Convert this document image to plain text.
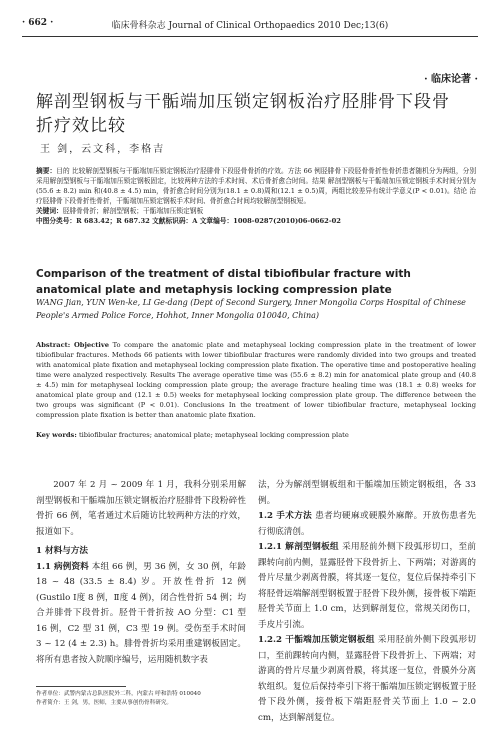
· 662 ·	临床骨科杂志 Journal of Clinical Orthopaedics 2010 Dec;13(6)
· 临床论著 ·
解剖型钢板与干骺端加压锁定钢板治疗胫腓骨下段骨折疗效比较
王 剑，云文科，李格吉
摘要：目的 比较解剖型钢板与干骺端加压锁定钢板治疗胫腓骨下段胫骨骨折的疗效。方法 66 例胫腓骨下段胫骨骨折性骨折患者随机分为两组，分别采用解剖型钢板与干骺端加压锁定钢板固定，比较两种方法的手术时间、术后骨折愈合时间。结果 解剖型钢板与干骺端加压锁定钢板手术时间分别为(55.6 ± 8.2) min 和(40.8 ± 4.5) min，骨折愈合时间分别为(18.1 ± 0.8)周和(12.1 ± 0.5)周，两组比较差异有统计学意义(P < 0.01)。结论 治疗胫腓骨下段骨折性骨折，干骺端加压锁定钢板手术时间、骨折愈合时间均较解剖型钢板短。
关键词：胫腓骨骨折；解剖型钢板；干骺端加压锁定钢板
中图分类号：R 683.42；R 687.32 文献标识码：A 文章编号：1008-0287(2010)06-0662-02
Comparison of the treatment of distal tibiofibular fracture with anatomical plate and metaphysis locking compression plate
WANG Jian, YUN Wen-ke, LI Ge-dang (Dept of Second Surgery, Inner Mongolia Corps Hospital of Chinese People's Armed Police Force, Hohhot, Inner Mongolia 010040, China)
Abstract: Objective To compare the anatomic plate and metaphyseal locking compression plate in the treatment of lower tibiofibular fractures. Methods 66 patients with lower tibiofibular fractures were randomly divided into two groups and treated with anatomical plate fixation and metaphyseal locking compression plate fixation. The operative time and postoperative healing time were analyzed respectively. Results The average operative time was (55.6 ± 8.2) min for anatomical plate group and (40.8 ± 4.5) min for metaphyseal locking compression plate group; the average fracture healing time was (18.1 ± 0.8) weeks for anatomical plate group and (12.1 ± 0.5) weeks for metaphyseal locking compression plate group. The difference between the two groups was significant (P < 0.01). Conclusions In the treatment of lower tibiofibular fracture, metaphyseal locking compression plate fixation is better than anatomic plate fixation.
Key words: tibiofibular fractures; anatomical plate; metaphyseal locking compression plate

2007 年 2 月 ~ 2009 年 1 月，我科分别采用解剖型钢板和干骺端加压锁定钢板治疗胫腓骨下段粉碎性骨折 66 例，笔者通过术后随访比较两种方法的疗效，报道如下。

1 材料与方法

1.1 病例资料 本组 66 例，男 36 例，女 30 例，年龄 18 ~ 48 (33.5 ± 8.4) 岁。开放性骨折 12 例 (Gustilo Ⅰ度 8 例，Ⅱ度 4 例)，闭合性骨折 54 例；均合并腓骨下段骨折。胫骨干骨折按 AO 分型：C1 型 16 例，C2 型 31 例，C3 型 19 例。受伤至手术时间 3 ~ 12 (4 ± 2.3) h。腓骨骨折均采用重建钢板固定。将所有患者按入院顺序编号，运用随机数字表

法，分为解剖型钢板组和干骺端加压锁定钢板组，各 33 例。

1.2 手术方法 患者均硬麻或硬膜外麻醉。开放伤患者先行彻底清创。

1.2.1 解剖型钢板组 采用胫前外侧下段弧形切口，至前踝转向前内侧，显露胫骨下段骨折上、下两端；对游离的骨片尽量少剥离骨膜，将其逐一复位，复位后保持牵引下将胫骨远端解剖型钢板置于胫骨下段外侧，接骨板下端距胫骨关节面上 1.0 cm，达到解剖复位，常规关闭伤口，手皮片引流。

1.2.2 干骺端加压锁定钢板组 采用胫前外侧下段弧形切口，至前踝转向内侧，显露胫骨下段骨折上、下两端；对游离的骨片尽量少剥离骨膜，将其逐一复位，骨膜外分离软组织。复位后保持牵引下将干骺端加压锁定钢板置于胫骨下段外侧，接骨板下端距胫骨关节面上 1.0 ~ 2.0 cm，达到解剖复位。

作者单位：武警内蒙古总队医院外二科，内蒙古 呼和浩特 010040
作者简介：王 剑，男，医师，主要从事创伤骨科研究。
